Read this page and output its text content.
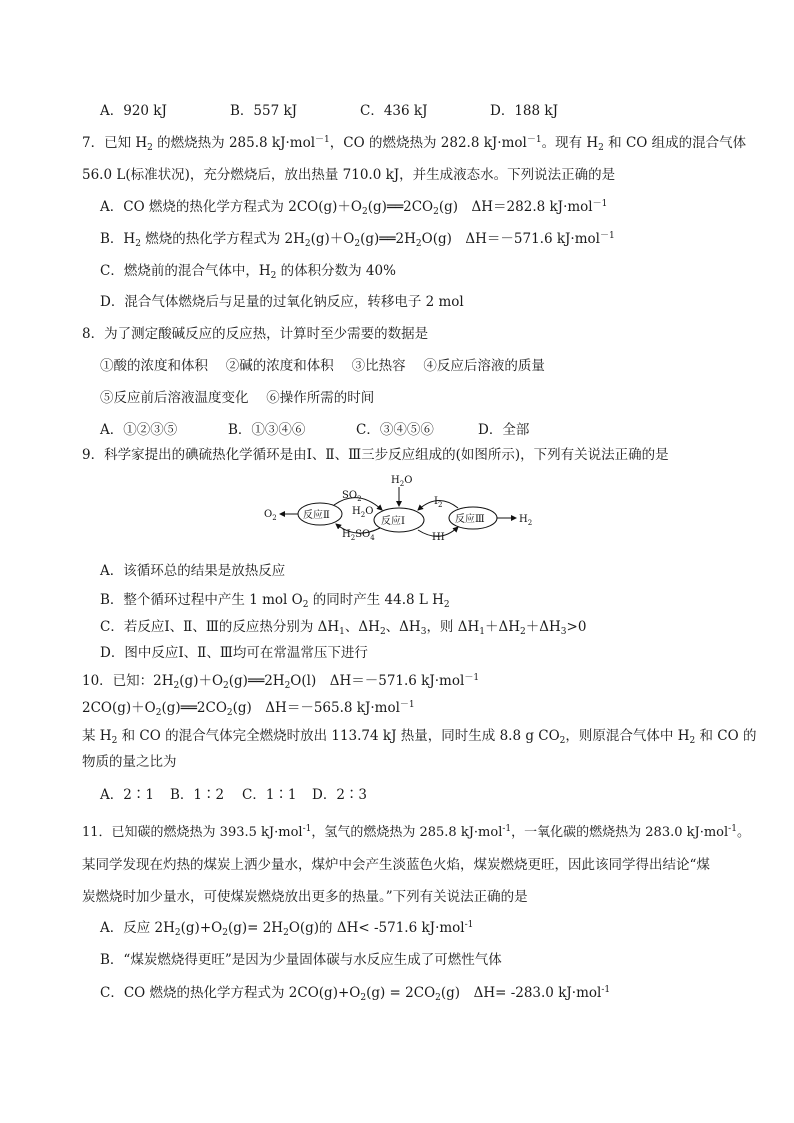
A．920 kJ	B．557 kJ	C．436 kJ	D．188 kJ
7．已知 $H_2$ 的燃烧热为 285.8 kJ·mol$^{-1}$，CO 的燃烧热为 282.8 kJ·mol$^{-1}$。现有 $H_2$ 和 CO 组成的混合气体
56.0 L(标准状况)，充分燃烧后，放出热量 710.0 kJ，并生成液态水。下列说法正确的是
A．CO 燃烧的热化学方程式为 $2CO(g)+O_2(g)══2CO_2(g)$　ΔH＝282.8 kJ·mol$^{-1}$
B．$H_2$ 燃烧的热化学方程式为 $2H_2(g)+O_2(g)══2H_2O(g)$　ΔH＝－571.6 kJ·mol$^{-1}$
C．燃烧前的混合气体中，$H_2$ 的体积分数为 40%
D．混合气体燃烧后与足量的过氧化钠反应，转移电子 2 mol
8．为了测定酸碱反应的反应热，计算时至少需要的数据是
①酸的浓度和体积　 ②碱的浓度和体积　 ③比热容　 ④反应后溶液的质量
⑤反应前后溶液温度变化　 ⑥操作所需的时间
A．①②③⑤	B．①③④⑥	C．③④⑤⑥	D．全部
9．科学家提出的碘硫热化学循环是由Ⅰ、Ⅱ、Ⅲ三步反应组成的(如图所示)，下列有关说法正确的是
$O_2$	反应Ⅱ
反应Ⅰ	反应Ⅲ
$H_2O$
$SO_2$
$H_2O$
$H_2SO_4$
$I_2$
HI
$H_2$
A．该循环总的结果是放热反应
B．整个循环过程中产生 1 mol $O_2$ 的同时产生 44.8 L $H_2$
C．若反应Ⅰ、Ⅱ、Ⅲ的反应热分别为 $\Delta H_1$、$\Delta H_2$、$\Delta H_3$，则 $\Delta H_1+\Delta H_2+\Delta H_3>0$
D．图中反应Ⅰ、Ⅱ、Ⅲ均可在常温常压下进行
10．已知：$2H_2(g)+O_2(g)══2H_2O(l)$　ΔH＝－571.6 kJ·mol$^{-1}$
$2CO(g)+O_2(g)══2CO_2(g)$　ΔH＝－565.8 kJ·mol$^{-1}$
某 $H_2$ 和 CO 的混合气体完全燃烧时放出 113.74 kJ 热量，同时生成 8.8 g $CO_2$，则原混合气体中 $H_2$ 和 CO 的
物质的量之比为
A．2∶1 B．1∶2 C．1∶1 D．2∶3
11．已知碳的燃烧热为 393.5 kJ·mol$^{-1}$，氢气的燃烧热为 285.8 kJ·mol$^{-1}$，一氧化碳的燃烧热为 283.0 kJ·mol$^{-1}$。
某同学发现在灼热的煤炭上洒少量水，煤炉中会产生淡蓝色火焰，煤炭燃烧更旺，因此该同学得出结论“煤
炭燃烧时加少量水，可使煤炭燃烧放出更多的热量。”下列有关说法正确的是
A．反应 $2H_2(g)+O_2(g)= 2H_2O(g)$的 ΔH< -571.6 kJ·mol$^{-1}$
B．“煤炭燃烧得更旺”是因为少量固体碳与水反应生成了可燃性气体
C．CO 燃烧的热化学方程式为 $2CO(g)+O_2(g) = 2CO_2(g)$　ΔH= -283.0 kJ·mol$^{-1}$
